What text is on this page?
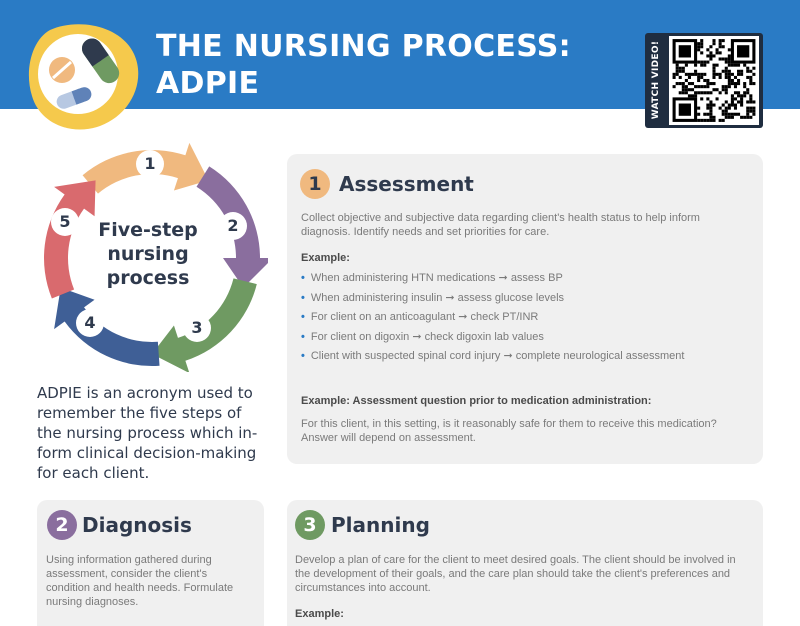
THE NURSING PROCESS:
ADPIE	WATCH VIDEO!
Five-step
nursing
process
1
2
3
4
5
ADPIE is an acronym used to remember the five steps of the nursing process which in-form clinical decision-making for each client.
1 Assessment
Collect objective and subjective data regarding client's health status to help inform diagnosis. Identify needs and set priorities for care.
Example:
• When administering HTN medications ➞ assess BP
• When administering insulin ➞ assess glucose levels
• For client on an anticoagulant ➞ check PT/INR
• For client on digoxin ➞ check digoxin lab values
• Client with suspected spinal cord injury ➞ complete neurological assessment
Example: Assessment question prior to medication administration:
For this client, in this setting, is it reasonably safe for them to receive this medication? Answer will depend on assessment.
2 Diagnosis
Using information gathered during assessment, consider the client's condition and health needs. Formulate nursing diagnoses.
3 Planning
Develop a plan of care for the client to meet desired goals. The client should be involved in the development of their goals, and the care plan should take the client's preferences and circumstances into account.
Example:
